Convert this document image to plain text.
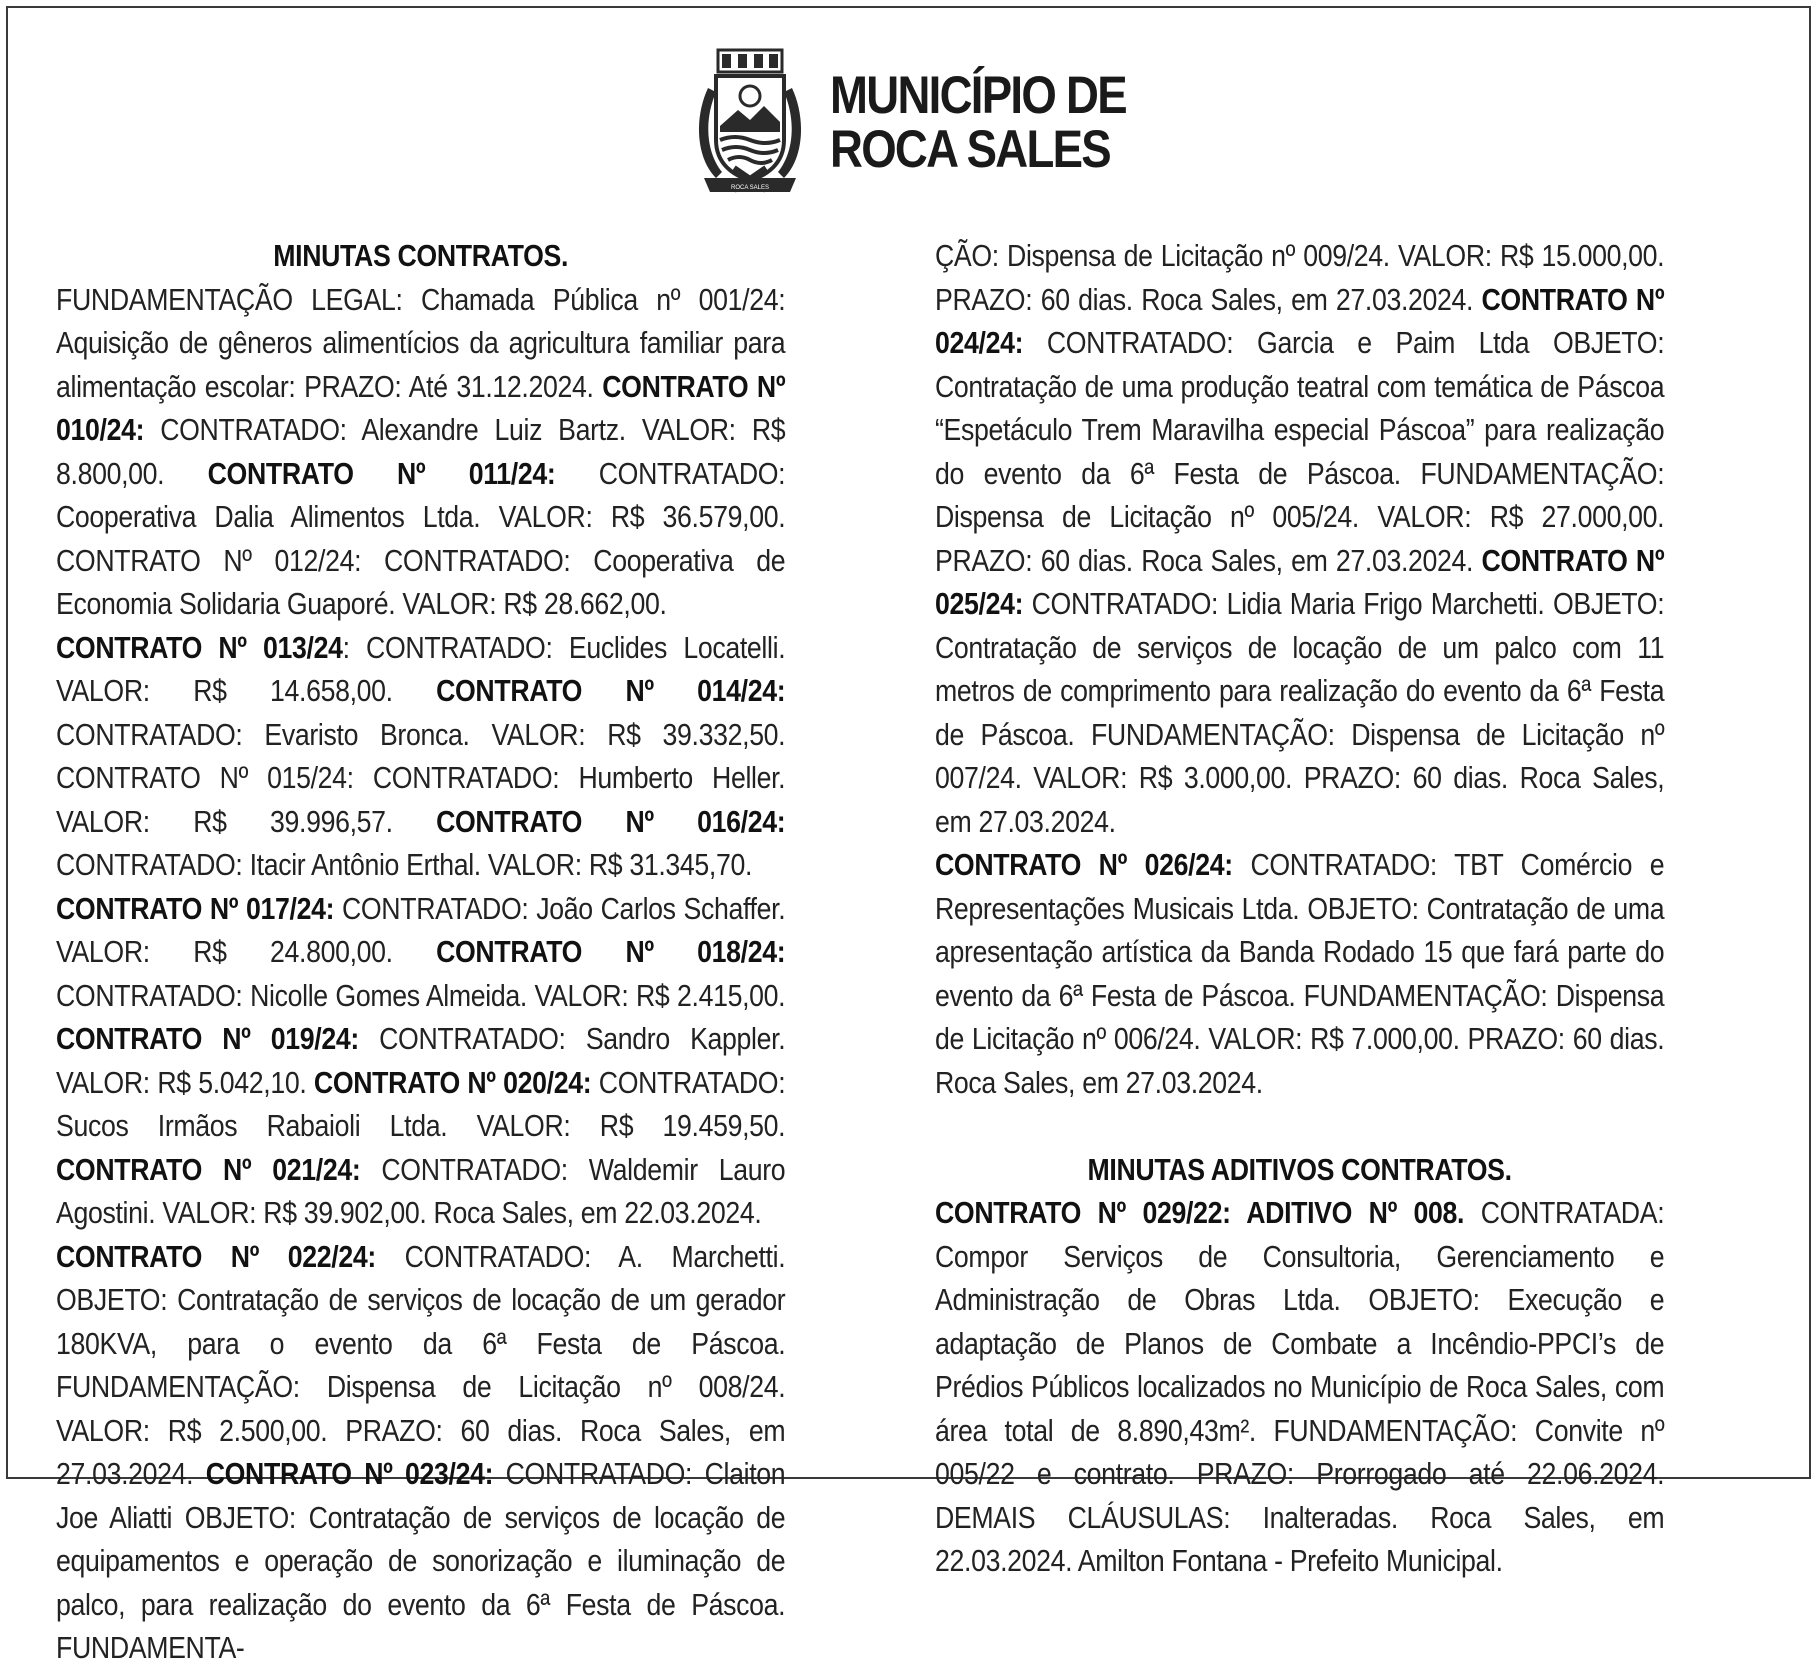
ROCA SALES
MUNICÍPIO DE
ROCA SALES

MINUTAS CONTRATOS.

FUNDAMENTAÇÃO LEGAL: Chamada Pública nº 001/24: Aquisição de gêneros alimentícios da agricultura familiar para alimentação escolar: PRAZO: Até 31.12.2024. CONTRATO Nº 010/24: CONTRATADO: Alexandre Luiz Bartz. VALOR: R$ 8.800,00. CONTRATO Nº 011/24: CONTRATADO: Cooperativa Dalia Alimentos Ltda. VALOR: R$ 36.579,00. CONTRATO Nº 012/24: CONTRATADO: Cooperativa de Economia Solidaria Guaporé. VALOR: R$ 28.662,00.

CONTRATO Nº 013/24: CONTRATADO: Euclides Locatelli. VALOR: R$ 14.658,00. CONTRATO Nº 014/24: CONTRATADO: Evaristo Bronca. VALOR: R$ 39.332,50. CONTRATO Nº 015/24: CONTRATADO: Humberto Heller. VALOR: R$ 39.996,57. CONTRATO Nº 016/24: CONTRATADO: Itacir Antônio Erthal. VALOR: R$ 31.345,70.

CONTRATO Nº 017/24: CONTRATADO: João Carlos Schaffer. VALOR: R$ 24.800,00. CONTRATO Nº 018/24: CONTRATADO: Nicolle Gomes Almeida. VALOR: R$ 2.415,00. CONTRATO Nº 019/24: CONTRATADO: Sandro Kappler. VALOR: R$ 5.042,10. CONTRATO Nº 020/24: CONTRATADO: Sucos Irmãos Rabaioli Ltda. VALOR: R$ 19.459,50. CONTRATO Nº 021/24: CONTRATADO: Waldemir Lauro Agostini. VALOR: R$ 39.902,00. Roca Sales, em 22.03.2024.

CONTRATO Nº 022/24: CONTRATADO: A. Marchetti. OBJETO: Contratação de serviços de locação de um gerador 180KVA, para o evento da 6ª Festa de Páscoa. FUNDAMENTAÇÃO: Dispensa de Licitação nº 008/24. VALOR: R$ 2.500,00. PRAZO: 60 dias. Roca Sales, em 27.03.2024. CONTRATO Nº 023/24: CONTRATADO: Claiton Joe Aliatti OBJETO: Contratação de serviços de locação de equipamentos e operação de sonorização e iluminação de palco, para realização do evento da 6ª Festa de Páscoa. FUNDAMENTA-

ÇÃO: Dispensa de Licitação nº 009/24. VALOR: R$ 15.000,00. PRAZO: 60 dias. Roca Sales, em 27.03.2024. CONTRATO Nº 024/24: CONTRATADO: Garcia e Paim Ltda OBJETO: Contratação de uma produção teatral com temática de Páscoa “Espetáculo Trem Maravilha especial Páscoa” para realização do evento da 6ª Festa de Páscoa. FUNDAMENTAÇÃO: Dispensa de Licitação nº 005/24. VALOR: R$ 27.000,00. PRAZO: 60 dias. Roca Sales, em 27.03.2024. CONTRATO Nº 025/24: CONTRATADO: Lidia Maria Frigo Marchetti. OBJETO: Contratação de serviços de locação de um palco com 11 metros de comprimento para realização do evento da 6ª Festa de Páscoa. FUNDAMENTAÇÃO: Dispensa de Licitação nº 007/24. VALOR: R$ 3.000,00. PRAZO: 60 dias. Roca Sales, em 27.03.2024.

CONTRATO Nº 026/24: CONTRATADO: TBT Comércio e Representações Musicais Ltda. OBJETO: Contratação de uma apresentação artística da Banda Rodado 15 que fará parte do evento da 6ª Festa de Páscoa. FUNDAMENTAÇÃO: Dispensa de Licitação nº 006/24. VALOR: R$ 7.000,00. PRAZO: 60 dias. Roca Sales, em 27.03.2024.

MINUTAS ADITIVOS CONTRATOS.

CONTRATO Nº 029/22: ADITIVO Nº 008. CONTRATADA: Compor Serviços de Consultoria, Gerenciamento e Administração de Obras Ltda. OBJETO: Execução e adaptação de Planos de Combate a Incêndio-PPCI’s de Prédios Públicos localizados no Município de Roca Sales, com área total de 8.890,43m². FUNDAMENTAÇÃO: Convite nº 005/22 e contrato. PRAZO: Prorrogado até 22.06.2024. DEMAIS CLÁUSULAS: Inalteradas. Roca Sales, em 22.03.2024. Amilton Fontana - Prefeito Municipal.
